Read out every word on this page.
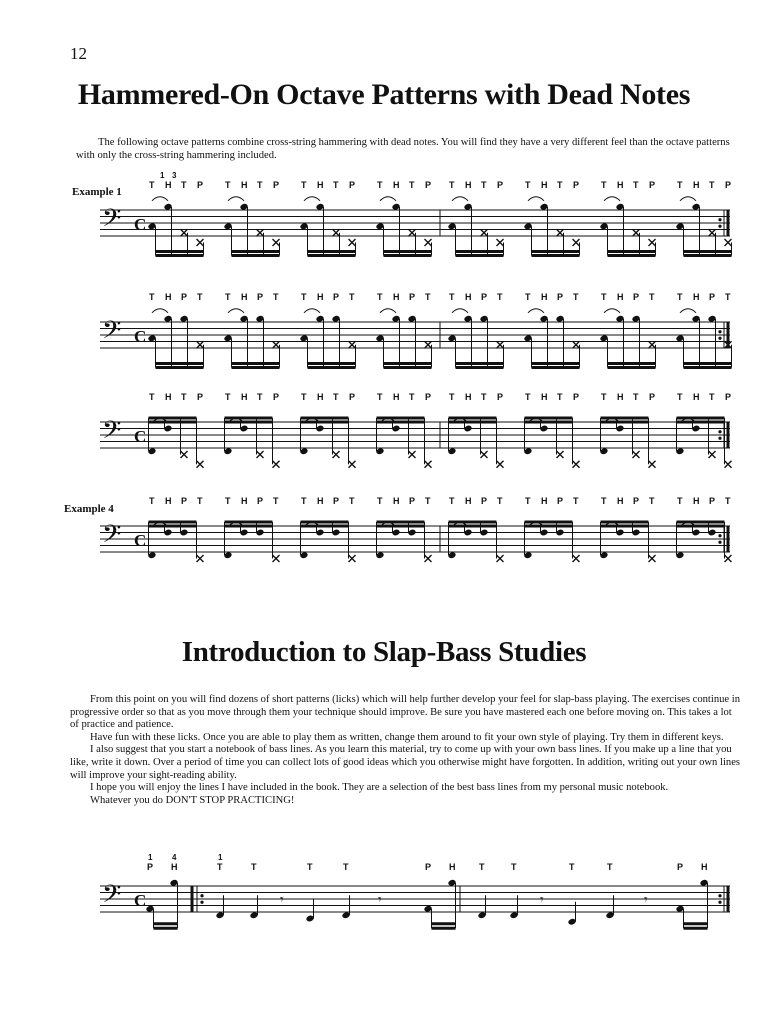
12
Hammered-On Octave Patterns with Dead Notes

The following octave patterns combine cross-string hammering with dead notes. You will find they have a very different feel than the octave patterns with only the cross-string hammering included.

Example 1
Example 4
𝄢 C
T H T P T H T P T H T P T H T P T H T P T H T P T H T P T H T P
1 3
𝄢 C
T H P T	T H P T	T H P T	T H P T T H P T	T H P T	T H P T	T H P T
𝄢 C
T H T P T H T P T H T P T H T P T H T P T H T P T H T P T H T P
𝄢 C
T H P T	T H P T	T H P T	T H P T T H P T	T H P T	T H P T	T H P T
Introduction to Slap-Bass Studies

From this point on you will find dozens of short patterns (licks) which will help further develop your feel for slap-bass playing. The exercises continue in progressive order so that as you move through them your technique should improve. Be sure you have mastered each one before moving on. This takes a lot of practice and patience.

Have fun with these licks. Once you are able to play them as written, change them around to fit your own style of playing. Try them in different keys.

I also suggest that you start a notebook of bass lines. As you learn this material, try to come up with your own bass lines. If you make up a line that you like, write it down. Over a period of time you can collect lots of good ideas which you otherwise might have forgotten. In addition, writing out your own lines will improve your sight-reading ability.

I hope you will enjoy the lines I have included in the book. They are a selection of the best bass lines from my personal music notebook.

Whatever you do DON'T STOP PRACTICING!

𝄢 C
P H	T	T	T	T	P H	T	T	T	T	P H
1 4	1
𝄾	𝄾	𝄾	𝄾
